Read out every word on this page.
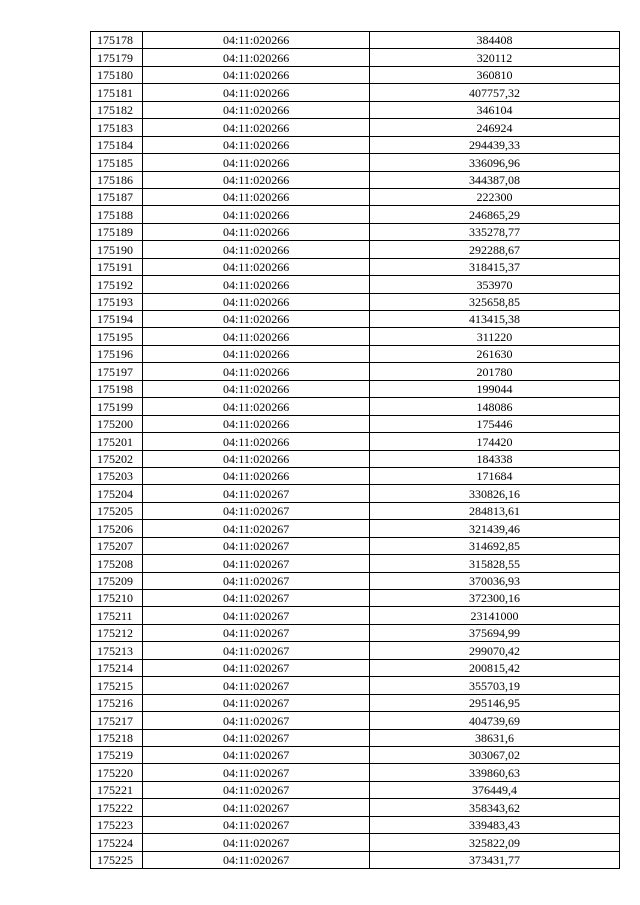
175178	04:11:020266	384408
175179	04:11:020266	320112
175180	04:11:020266	360810
175181	04:11:020266	407757,32
175182	04:11:020266	346104
175183	04:11:020266	246924
175184	04:11:020266	294439,33
175185	04:11:020266	336096,96
175186	04:11:020266	344387,08
175187	04:11:020266	222300
175188	04:11:020266	246865,29
175189	04:11:020266	335278,77
175190	04:11:020266	292288,67
175191	04:11:020266	318415,37
175192	04:11:020266	353970
175193	04:11:020266	325658,85
175194	04:11:020266	413415,38
175195	04:11:020266	311220
175196	04:11:020266	261630
175197	04:11:020266	201780
175198	04:11:020266	199044
175199	04:11:020266	148086
175200	04:11:020266	175446
175201	04:11:020266	174420
175202	04:11:020266	184338
175203	04:11:020266	171684
175204	04:11:020267	330826,16
175205	04:11:020267	284813,61
175206	04:11:020267	321439,46
175207	04:11:020267	314692,85
175208	04:11:020267	315828,55
175209	04:11:020267	370036,93
175210	04:11:020267	372300,16
175211	04:11:020267	23141000
175212	04:11:020267	375694,99
175213	04:11:020267	299070,42
175214	04:11:020267	200815,42
175215	04:11:020267	355703,19
175216	04:11:020267	295146,95
175217	04:11:020267	404739,69
175218	04:11:020267	38631,6
175219	04:11:020267	303067,02
175220	04:11:020267	339860,63
175221	04:11:020267	376449,4
175222	04:11:020267	358343,62
175223	04:11:020267	339483,43
175224	04:11:020267	325822,09
175225	04:11:020267	373431,77
